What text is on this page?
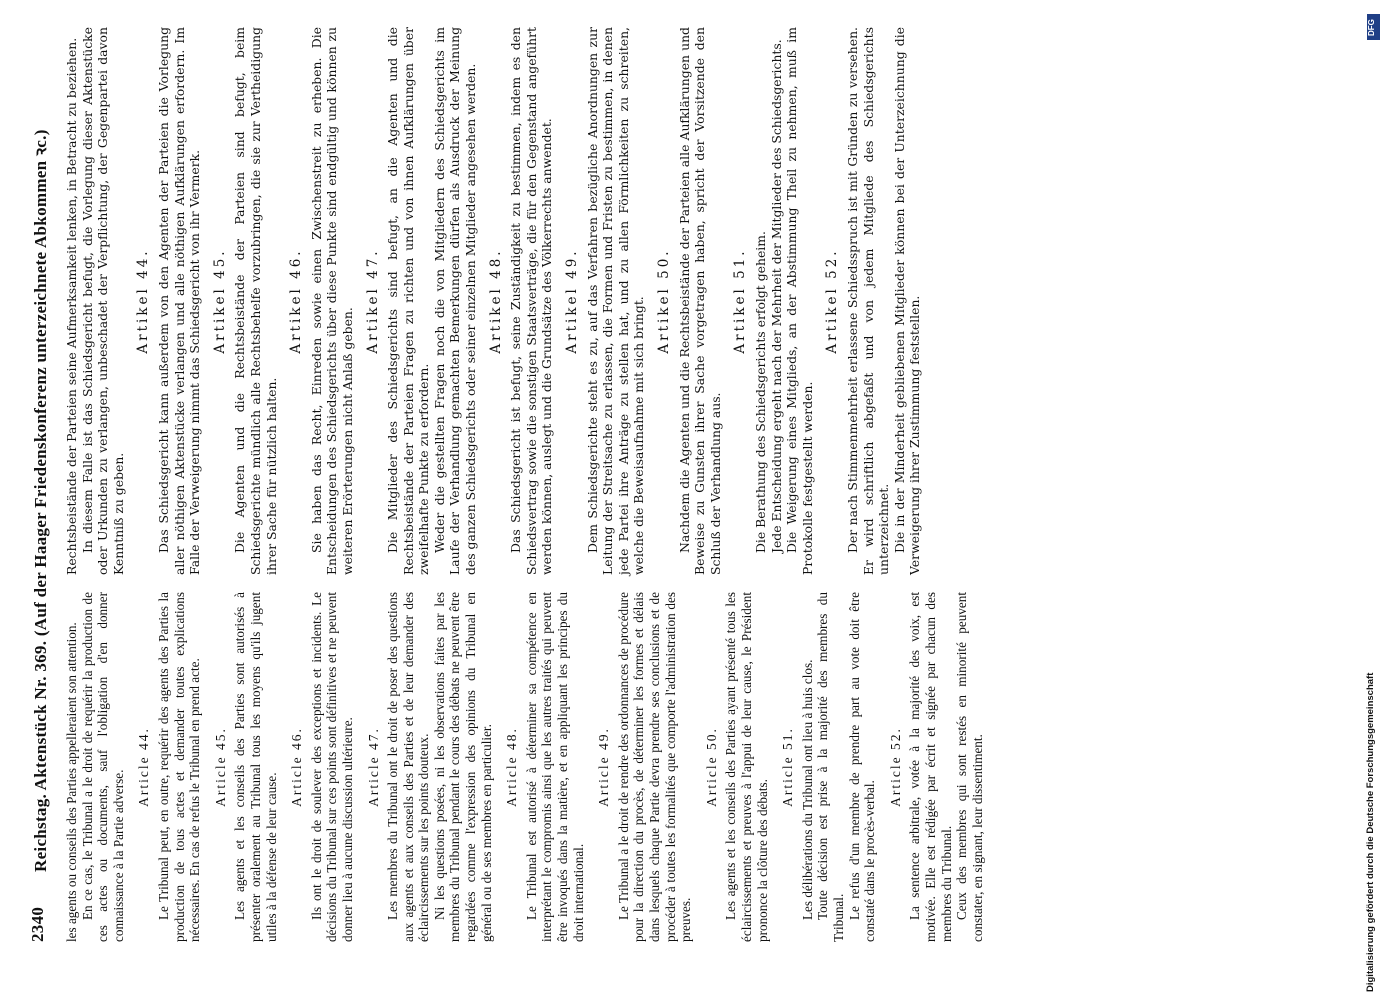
2340
Reichstag. Aktenstück Nr. 369. (Auf der Haager Friedenskonferenz unterzeichnete Abkommen ꝛc.) les agents ou conseils des Parties appelleraient son attention. En ce cas, le Tribunal a le droit de requérir la production de ces actes ou documents, sauf l'obligation d'en donner connaissance à la Partie adverse.

Article 44. Le Tribunal peut, en outre, requérir des agents des Parties la production de tous actes et demander toutes explications nécessaires. En cas de refus le Tribunal en prend acte. Article 45. Les agents et les conseils des Parties sont autorisés à présenter oralement au Tribunal tous les moyens qu'ils jugent utiles à la défense de leur cause.

Article 46. Ils ont le droit de soulever des exceptions et incidents. Le décisions du Tribunal sur ces points sont définitives et ne peuvent donner lieu à aucune discussion ultérieure. Article 47. Les membres du Tribunal ont le droit de poser des questions aux agents et aux conseils des Parties et de leur demander des éclaircissements sur les points douteux. Ni les questions posées, ni les observations faites par les membres du Tribunal pendant le cours des débats ne peuvent être regardées comme l'expression des opinions du Tribunal en général ou de ses membres en particulier. Article 48. Le Tribunal est autorisé à déterminer sa compétence en interprétant le compromis ainsi que les autres traités qui peuvent être invoqués dans la matière, et en appliquant les principes du droit international.

Article 49. Le Tribunal a le droit de rendre des ordonnances de procédure pour la direction du procès, de déterminer les formes et délais dans lesquels chaque Partie devra prendre ses conclusions et de procéder à toutes les formalités que comporte l'administration des preuves.

Article 50. Les agents et les conseils des Parties ayant présenté tous les éclaircissements et preuves à l'appui de leur cause, le Président prononce la clôture des débats.

Article 51. Les délibérations du Tribunal ont lieu à huis clos. Toute décision est prise à la majorité des membres du Tribunal. Le refus d'un membre de prendre part au vote doit être constaté dans le procès-verbal.

Article 52. La sentence arbitrale, votée à la majorité des voix, est motivée. Elle est rédigée par écrit et signée par chacun des membres du Tribunal. Ceux des membres qui sont restés en minorité peuvent constater, en signant, leur dissentiment.

Rechtsbeistände der Parteien seine Aufmerksamkeit lenken, in Betracht zu beziehen. In diesem Falle ist das Schiedsgericht befugt, die Vorlegung dieser Aktenstücke oder Urkunden zu verlangen, unbeschadet der Verpflichtung, der Gegenpartei davon Kenntniß zu geben.

Artikel 44. Das Schiedsgericht kann außerdem von den Agenten der Parteien die Vorlegung aller nöthigen Aktenstücke verlangen und alle nöthigen Aufklärungen erfordern. Im Falle der Verweigerung nimmt das Schiedsgericht von ihr Vermerk. Artikel 45. Die Agenten und die Rechtsbeistände der Parteien sind befugt, beim Schiedsgerichte mündlich alle Rechtsbehelfe vorzubringen, die sie zur Vertheidigung ihrer Sache für nützlich halten.

Artikel 46. Sie haben das Recht, Einreden sowie einen Zwischenstreit zu erheben. Die Entscheidungen des Schiedsgerichts über diese Punkte sind endgültig und können zu weiteren Erörterungen nicht Anlaß geben.

Artikel 47. Die Mitglieder des Schiedsgerichts sind befugt, an die Agenten und die Rechtsbeistände der Parteien Fragen zu richten und von ihnen Aufklärungen über zweifelhafte Punkte zu erfordern. Weder die gestellten Fragen noch die von Mitgliedern des Schiedsgerichts im Laufe der Verhandlung gemachten Bemerkungen dürfen als Ausdruck der Meinung des ganzen Schiedsgerichts oder seiner einzelnen Mitglieder angesehen werden. Artikel 48. Das Schiedsgericht ist befugt, seine Zuständigkeit zu bestimmen, indem es den Schiedsvertrag sowie die sonstigen Staatsverträge, die für den Gegenstand angeführt werden können, auslegt und die Grundsätze des Völkerrechts anwendet. Artikel 49. Dem Schiedsgerichte steht es zu, auf das Verfahren bezügliche Anordnungen zur Leitung der Streitsache zu erlassen, die Formen und Fristen zu bestimmen, in denen jede Partei ihre Anträge zu stellen hat, und zu allen Förmlichkeiten zu schreiten, welche die Beweisaufnahme mit sich bringt. Artikel 50. Nachdem die Agenten und die Rechtsbeistände der Parteien alle Aufklärungen und Beweise zu Gunsten ihrer Sache vorgetragen haben, spricht der Vorsitzende den Schluß der Verhandlung aus.

Artikel 51. Die Berathung des Schiedsgerichts erfolgt geheim. Jede Entscheidung ergeht nach der Mehrheit der Mitglieder des Schiedsgerichts. Die Weigerung eines Mitglieds, an der Abstimmung Theil zu nehmen, muß im Protokolle festgestellt werden.

Artikel 52. Der nach Stimmenmehrheit erlassene Schiedsspruch ist mit Gründen zu versehen. Er wird schriftlich abgefaßt und von jedem Mitgliede des Schiedsgerichts unterzeichnet. Die in der Minderheit gebliebenen Mitglieder können bei der Unterzeichnung die Verweigerung ihrer Zustimmung feststellen.

Digitalisierung gefördert durch die Deutsche Forschungsgemeinschaft
DFG
